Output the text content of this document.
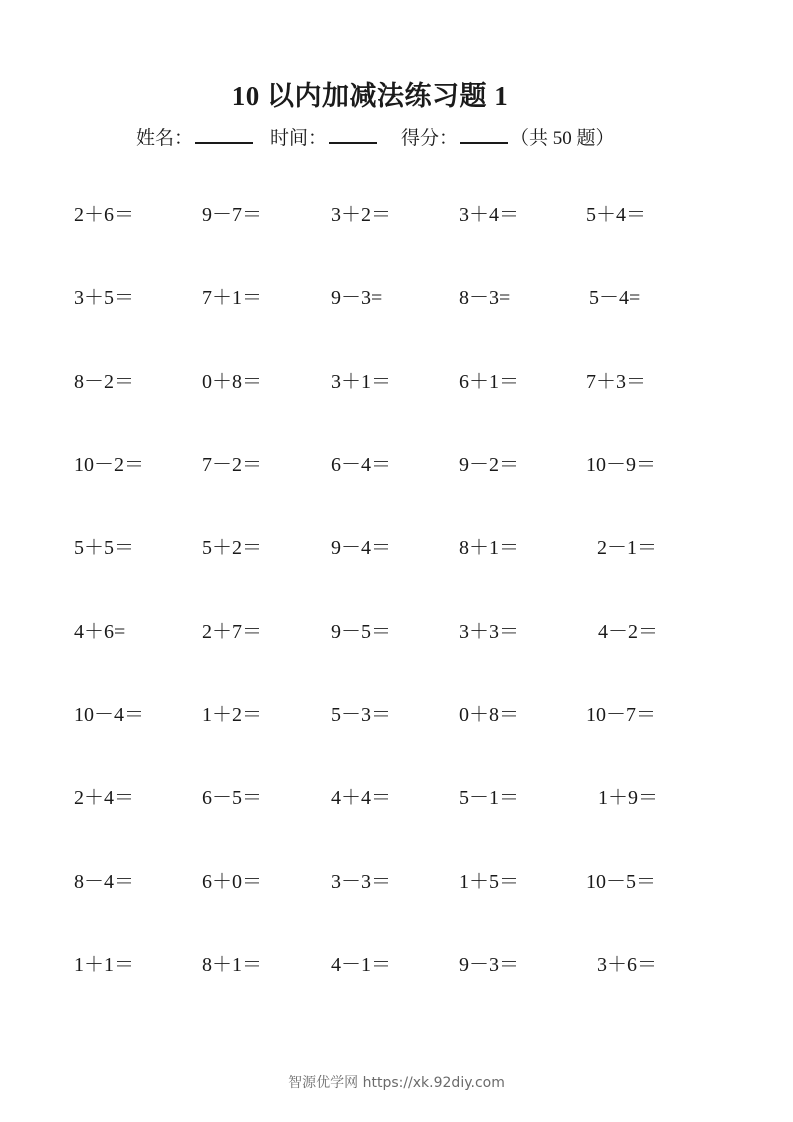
10 以内加减法练习题 1
姓名：	时间：	得分：	（共 50 题）
2＋6＝	9－7＝	3＋2＝	3＋4＝	5＋4＝
3＋5＝	7＋1＝	9－3=	8－3=	5－4=
8－2＝	0＋8＝	3＋1＝	6＋1＝	7＋3＝
10－2＝	7－2＝	6－4＝	9－2＝	10－9＝
5＋5＝	5＋2＝	9－4＝	8＋1＝	2－1＝
4＋6=	2＋7＝	9－5＝	3＋3＝	4－2＝
10－4＝	1＋2＝	5－3＝	0＋8＝	10－7＝
2＋4＝	6－5＝	4＋4＝	5－1＝	1＋9＝
8－4＝	6＋0＝	3－3＝	1＋5＝	10－5＝
1＋1＝	8＋1＝	4－1＝	9－3＝	3＋6＝
智源优学网 https://xk.92diy.com
